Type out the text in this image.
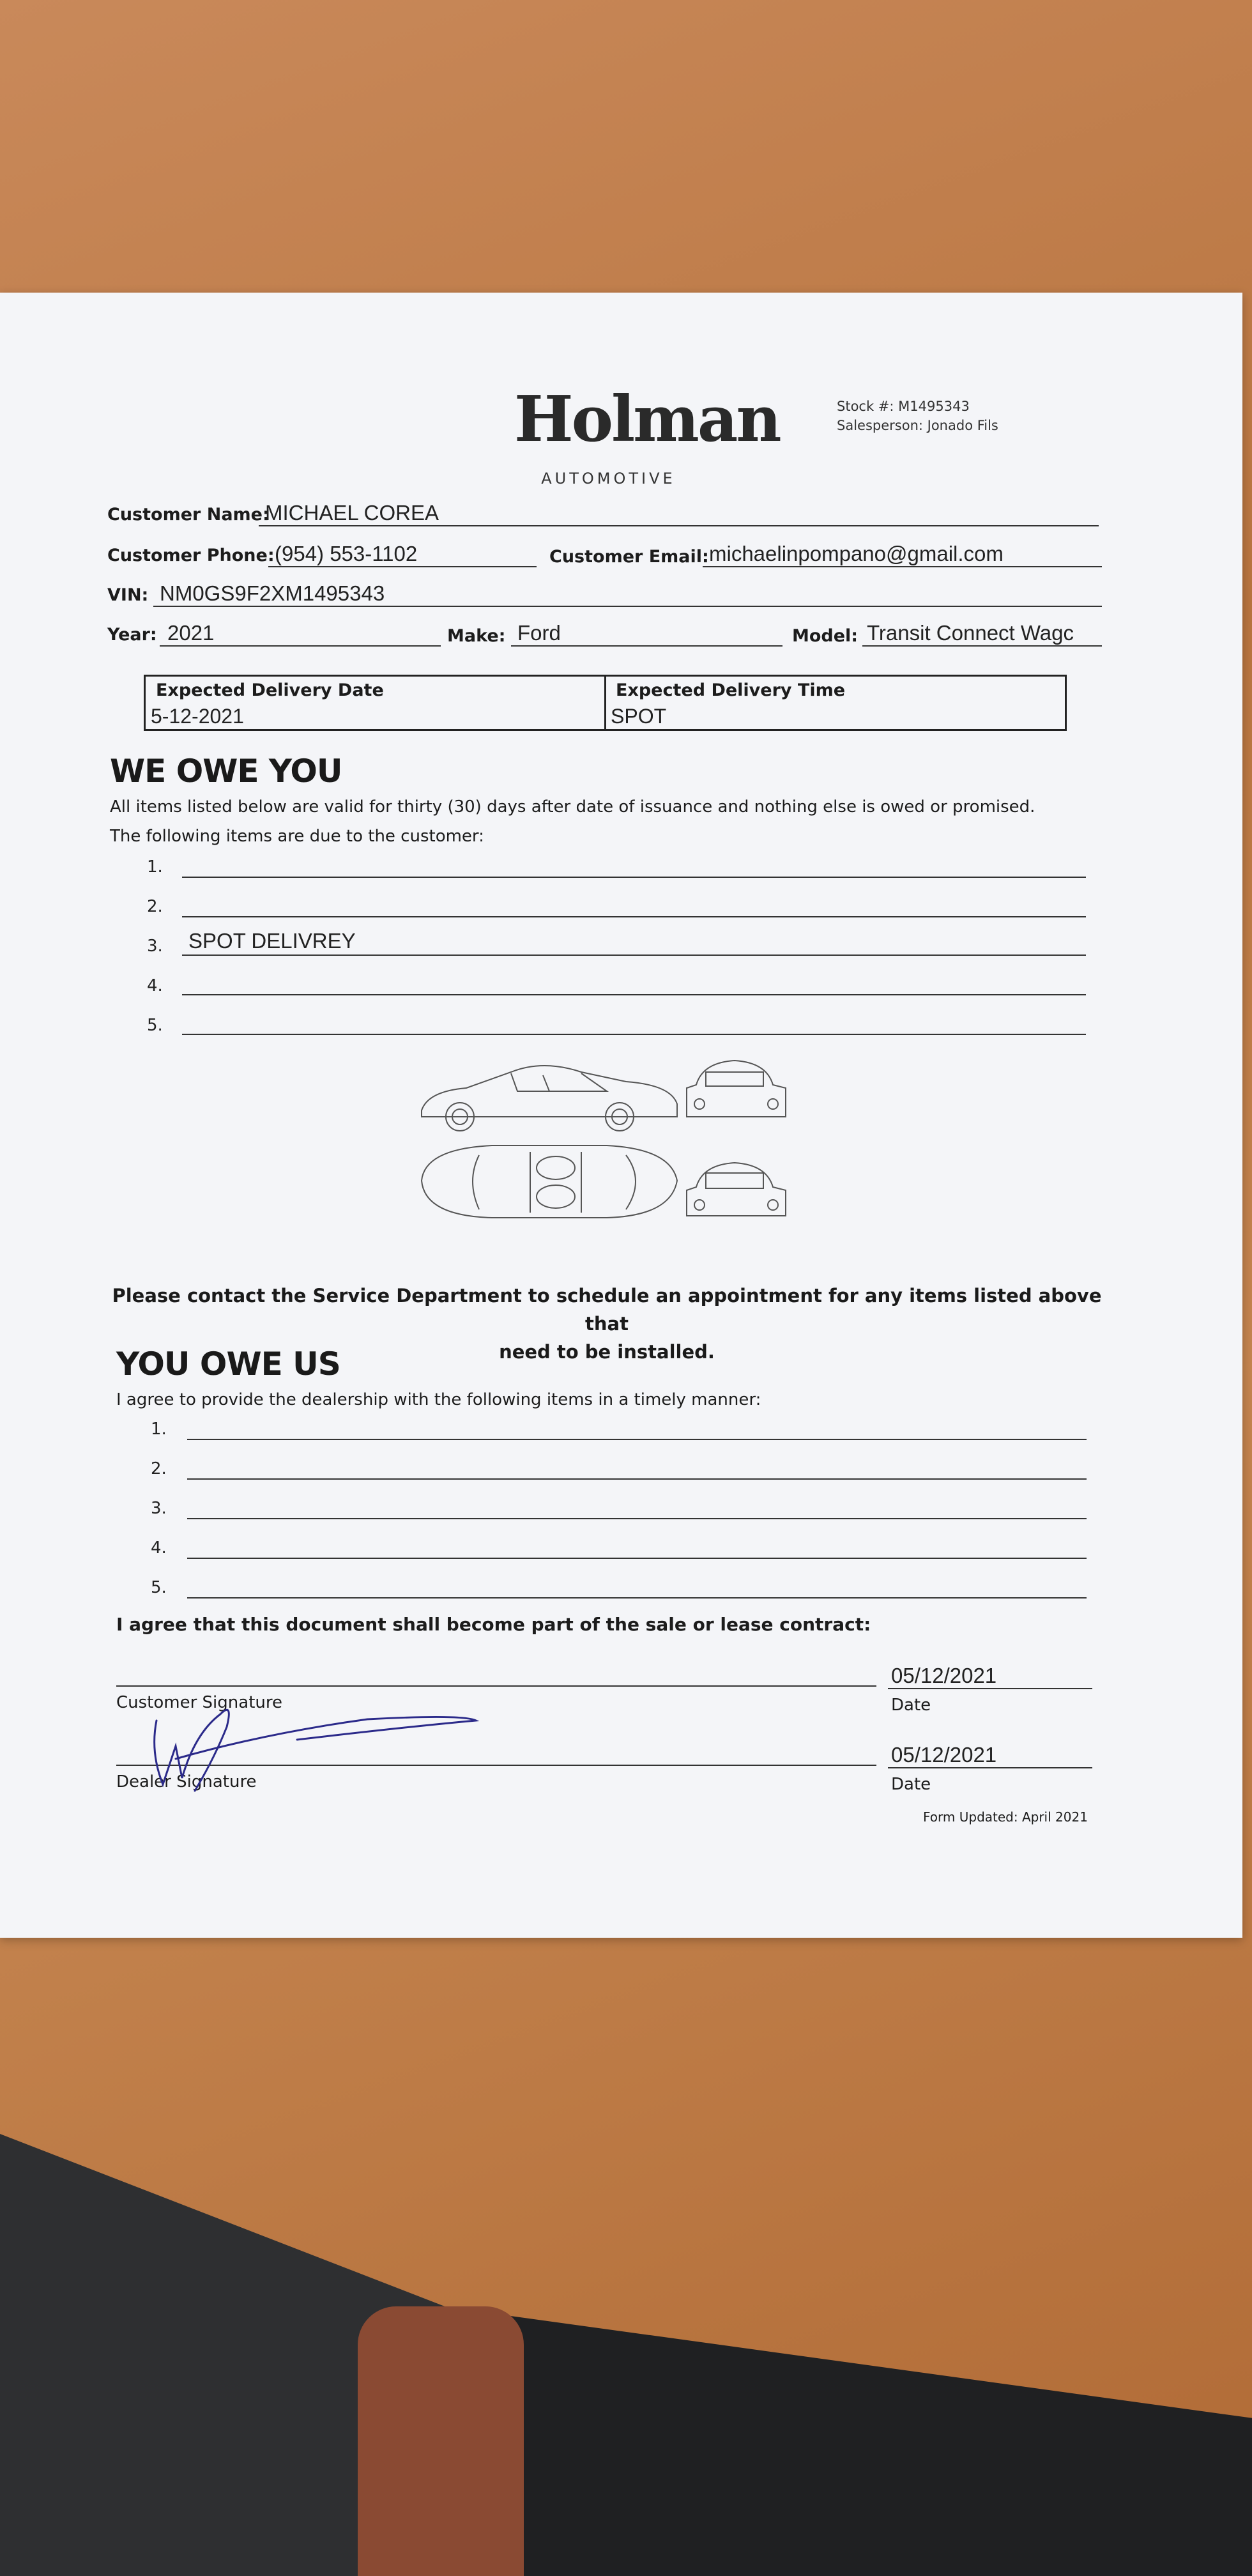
Holman
AUTOMOTIVE
Stock #: M1495343
Salesperson: Jonado Fils
Customer Name:
MICHAEL COREA
Customer Phone: (954) 553-1102	Customer Email: michaelinpompano@gmail.com
VIN: NM0GS9F2XM1495343
Year: 2021	Make: Ford	Model: Transit Connect Wagc
Expected Delivery Date
5-12-2021
Expected Delivery Time
SPOT
WE OWE YOU
All items listed below are valid for thirty (30) days after date of issuance and nothing else is owed or promised.
The following items are due to the customer:
1.
2.
3. SPOT DELIVREY
4.
5.
Please contact the Service Department to schedule an appointment for any items listed above that
need to be installed.
YOU OWE US
I agree to provide the dealership with the following items in a timely manner:
1.
2.
3.
4.
5.
I agree that this document shall become part of the sale or lease contract:
Customer Signature
05/12/2021
Date
Dealer Signature
05/12/2021
Date
Form Updated: April 2021
